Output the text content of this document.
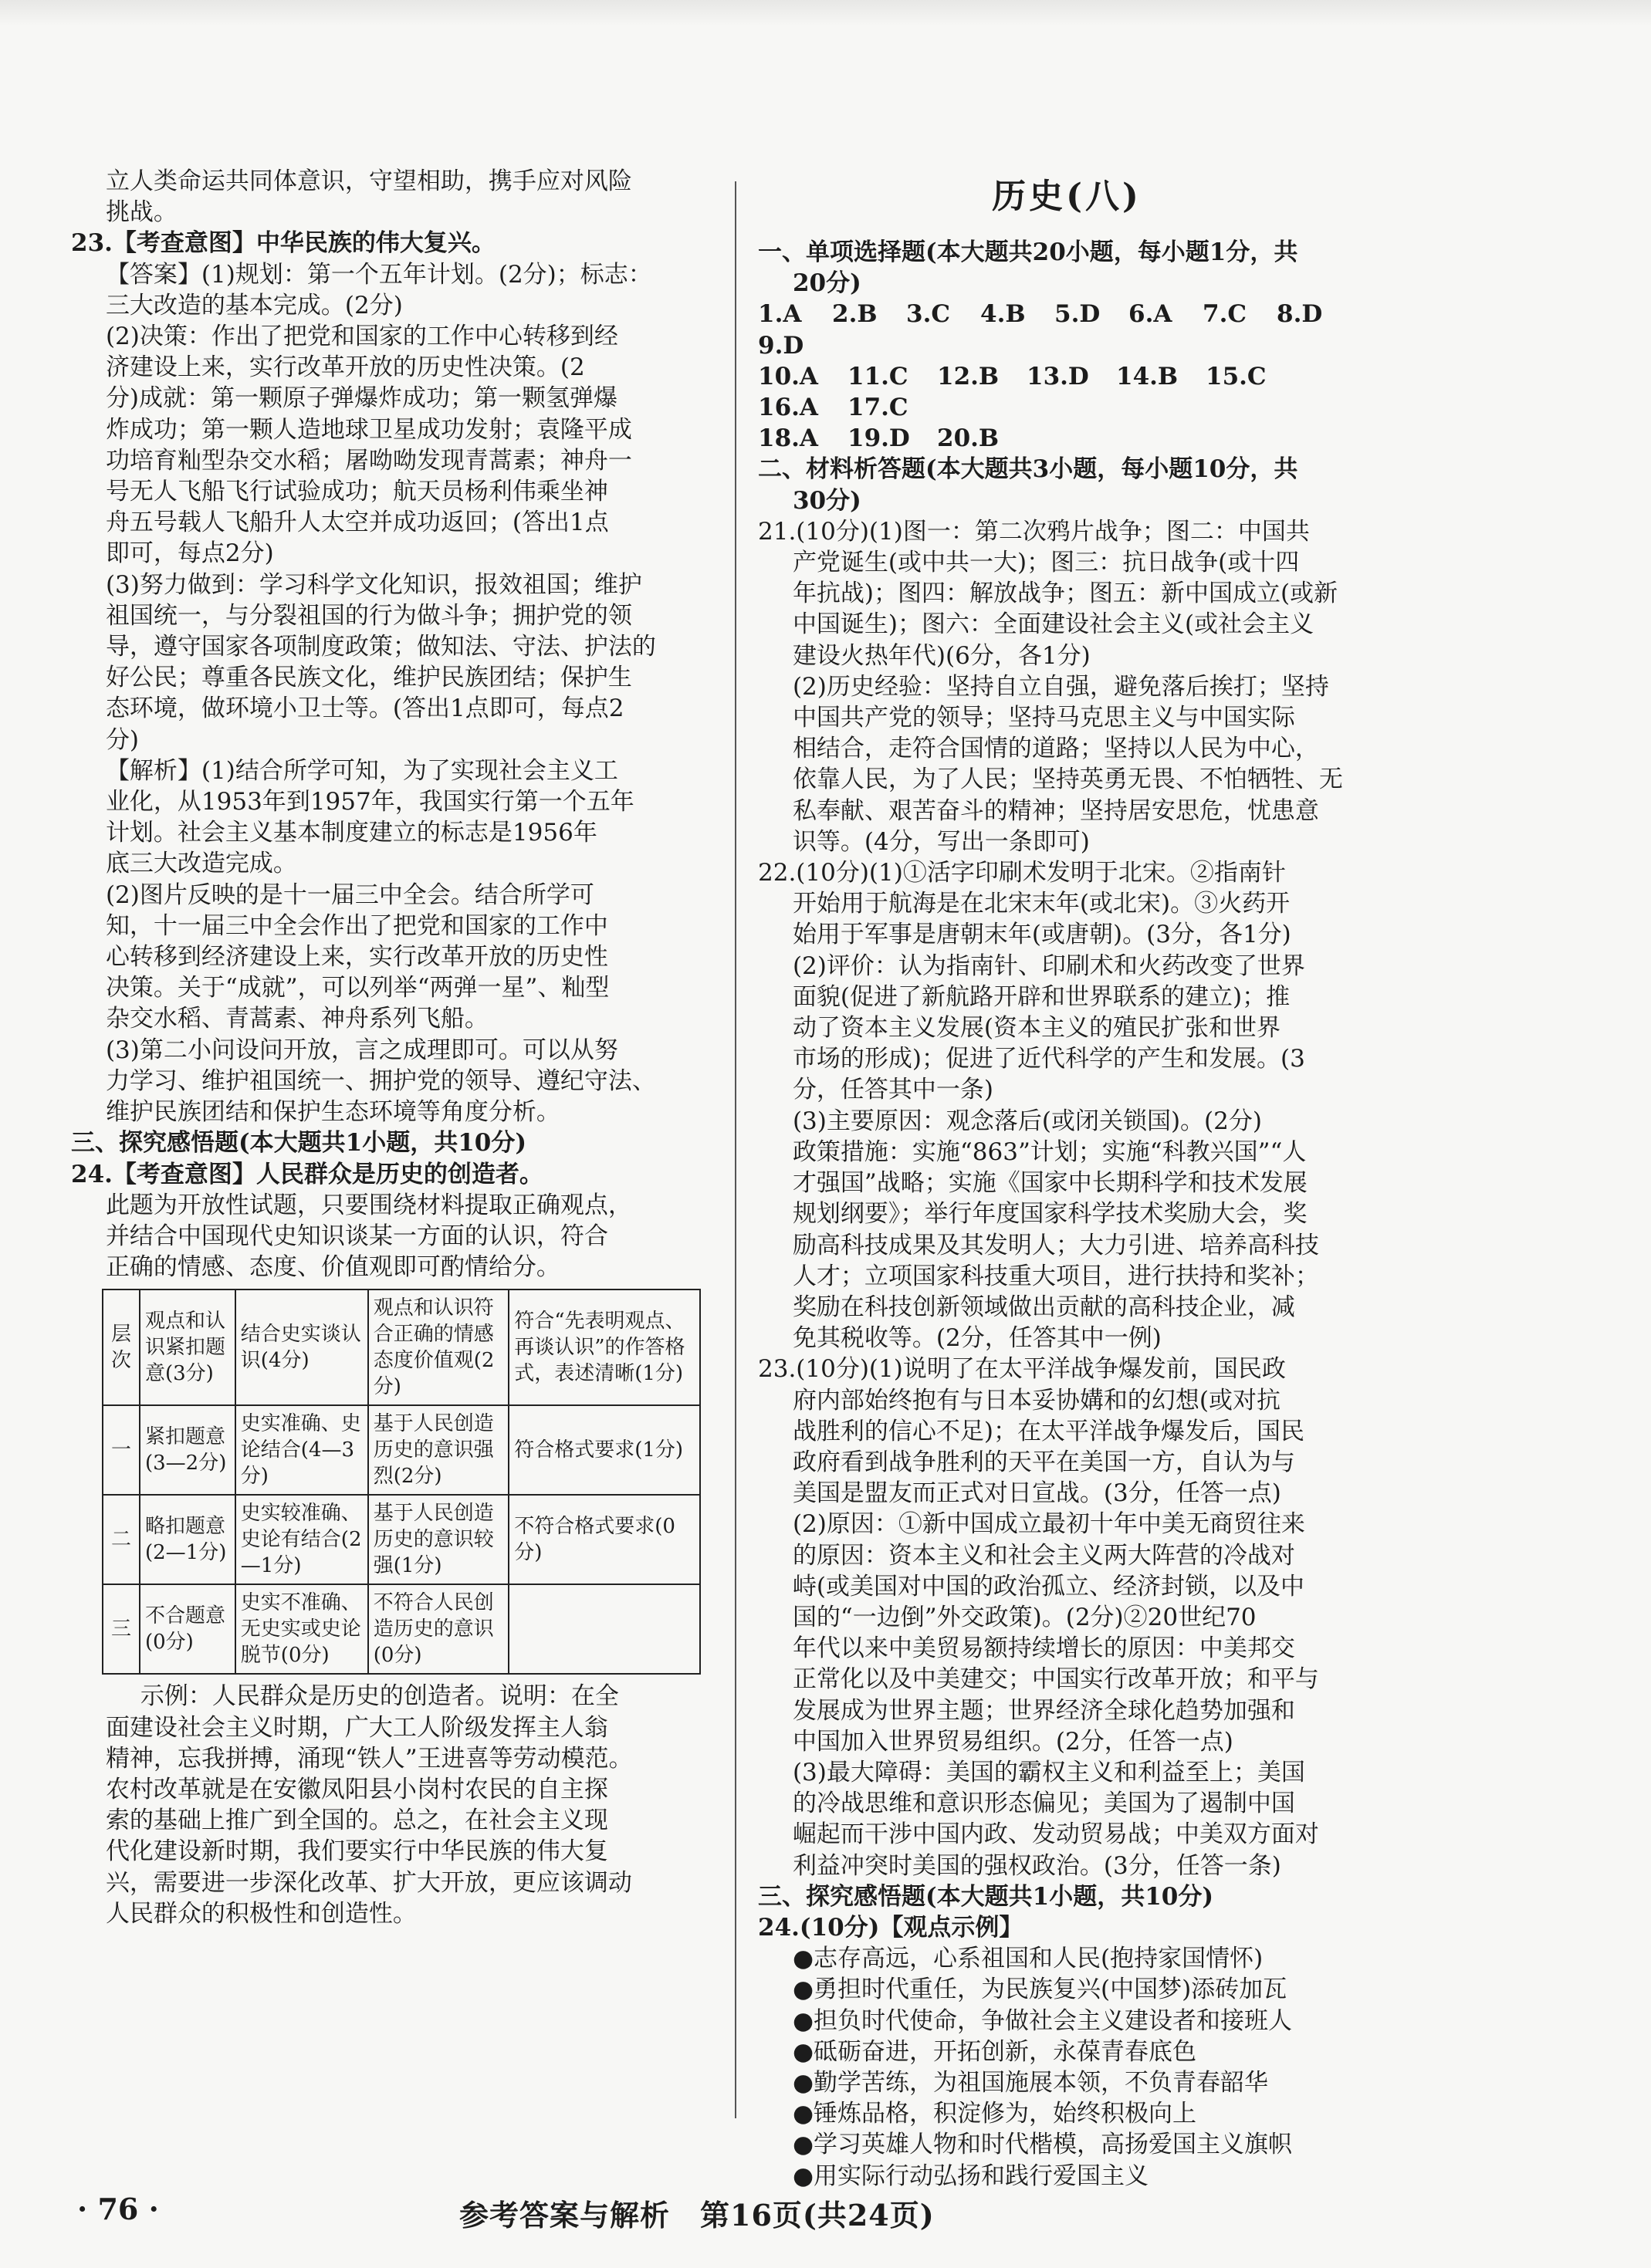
立人类命运共同体意识，守望相助，携手应对风险

挑战。

23.【考查意图】中华民族的伟大复兴。

【答案】(1)规划：第一个五年计划。(2分)；标志：

三大改造的基本完成。(2分)

(2)决策：作出了把党和国家的工作中心转移到经

济建设上来，实行改革开放的历史性决策。(2

分)成就：第一颗原子弹爆炸成功；第一颗氢弹爆

炸成功；第一颗人造地球卫星成功发射；袁隆平成

功培育籼型杂交水稻；屠呦呦发现青蒿素；神舟一

号无人飞船飞行试验成功；航天员杨利伟乘坐神

舟五号载人飞船升人太空并成功返回；(答出1点

即可，每点2分)

(3)努力做到：学习科学文化知识，报效祖国；维护

祖国统一，与分裂祖国的行为做斗争；拥护党的领

导，遵守国家各项制度政策；做知法、守法、护法的

好公民；尊重各民族文化，维护民族团结；保护生

态环境，做环境小卫士等。(答出1点即可，每点2

分)

【解析】(1)结合所学可知，为了实现社会主义工

业化，从1953年到1957年，我国实行第一个五年

计划。社会主义基本制度建立的标志是1956年

底三大改造完成。

(2)图片反映的是十一届三中全会。结合所学可

知，十一届三中全会作出了把党和国家的工作中

心转移到经济建设上来，实行改革开放的历史性

决策。关于“成就”，可以列举“两弹一星”、籼型

杂交水稻、青蒿素、神舟系列飞船。

(3)第二小问设问开放，言之成理即可。可以从努

力学习、维护祖国统一、拥护党的领导、遵纪守法、

维护民族团结和保护生态环境等角度分析。

三、探究感悟题(本大题共1小题，共10分)

24.【考查意图】人民群众是历史的创造者。

此题为开放性试题，只要围绕材料提取正确观点，

并结合中国现代史知识谈某一方面的认识，符合

正确的情感、态度、价值观即可酌情给分。

层次	观点和认识紧扣题意(3分)	结合史实谈认识(4分)	观点和认识符合正确的情感态度价值观(2分)	符合“先表明观点、再谈认识”的作答格式，表述清晰(1分)
一	紧扣题意(3—2分)	史实准确、史论结合(4—3分)	基于人民创造历史的意识强烈(2分)	符合格式要求(1分)
二	略扣题意(2—1分)	史实较准确、史论有结合(2—1分)	基于人民创造历史的意识较强(1分)	不符合格式要求(0分)
三	不合题意(0分)	史实不准确、无史实或史论脱节(0分)	不符合人民创造历史的意识(0分)	

示例：人民群众是历史的创造者。说明：在全

面建设社会主义时期，广大工人阶级发挥主人翁

精神，忘我拼搏，涌现“铁人”王进喜等劳动模范。

农村改革就是在安徽凤阳县小岗村农民的自主探

索的基础上推广到全国的。总之，在社会主义现

代化建设新时期，我们要实行中华民族的伟大复

兴，需要进一步深化改革、扩大开放，更应该调动

人民群众的积极性和创造性。

历史(八)

一、单项选择题(本大题共20小题，每小题1分，共

20分)

1.A	2.B	3.C	4.B	5.D	6.A	7.C	8.D
9.D
10.A	11.C	12.B	13.D	14.B	15.C
16.A	17.C
18.A	19.D	20.B

二、材料析答题(本大题共3小题，每小题10分，共

30分)

21.(10分)(1)图一：第二次鸦片战争；图二：中国共

产党诞生(或中共一大)；图三：抗日战争(或十四

年抗战)；图四：解放战争；图五：新中国成立(或新

中国诞生)；图六：全面建设社会主义(或社会主义

建设火热年代)(6分，各1分)

(2)历史经验：坚持自立自强，避免落后挨打；坚持

中国共产党的领导；坚持马克思主义与中国实际

相结合，走符合国情的道路；坚持以人民为中心，

依靠人民，为了人民；坚持英勇无畏、不怕牺牲、无

私奉献、艰苦奋斗的精神；坚持居安思危，忧患意

识等。(4分，写出一条即可)

22.(10分)(1)①活字印刷术发明于北宋。②指南针

开始用于航海是在北宋末年(或北宋)。③火药开

始用于军事是唐朝末年(或唐朝)。(3分，各1分)

(2)评价：认为指南针、印刷术和火药改变了世界

面貌(促进了新航路开辟和世界联系的建立)；推

动了资本主义发展(资本主义的殖民扩张和世界

市场的形成)；促进了近代科学的产生和发展。(3

分，任答其中一条)

(3)主要原因：观念落后(或闭关锁国)。(2分)

政策措施：实施“863”计划；实施“科教兴国”“人

才强国”战略；实施《国家中长期科学和技术发展

规划纲要》；举行年度国家科学技术奖励大会，奖

励高科技成果及其发明人；大力引进、培养高科技

人才；立项国家科技重大项目，进行扶持和奖补；

奖励在科技创新领域做出贡献的高科技企业，减

免其税收等。(2分，任答其中一例)

23.(10分)(1)说明了在太平洋战争爆发前，国民政

府内部始终抱有与日本妥协媾和的幻想(或对抗

战胜利的信心不足)；在太平洋战争爆发后，国民

政府看到战争胜利的天平在美国一方，自认为与

美国是盟友而正式对日宣战。(3分，任答一点)

(2)原因：①新中国成立最初十年中美无商贸往来

的原因：资本主义和社会主义两大阵营的冷战对

峙(或美国对中国的政治孤立、经济封锁，以及中

国的“一边倒”外交政策)。(2分)②20世纪70

年代以来中美贸易额持续增长的原因：中美邦交

正常化以及中美建交；中国实行改革开放；和平与

发展成为世界主题；世界经济全球化趋势加强和

中国加入世界贸易组织。(2分，任答一点)

(3)最大障碍：美国的霸权主义和利益至上；美国

的冷战思维和意识形态偏见；美国为了遏制中国

崛起而干涉中国内政、发动贸易战；中美双方面对

利益冲突时美国的强权政治。(3分，任答一条)

三、探究感悟题(本大题共1小题，共10分)

24.(10分)【观点示例】

●志存高远，心系祖国和人民(抱持家国情怀)

●勇担时代重任，为民族复兴(中国梦)添砖加瓦

●担负时代使命，争做社会主义建设者和接班人

●砥砺奋进，开拓创新，永葆青春底色

●勤学苦练，为祖国施展本领，不负青春韶华

●锤炼品格，积淀修为，始终积极向上

●学习英雄人物和时代楷模，高扬爱国主义旗帜

●用实际行动弘扬和践行爱国主义

· 76 ·	参考答案与解析　第16页(共24页)
